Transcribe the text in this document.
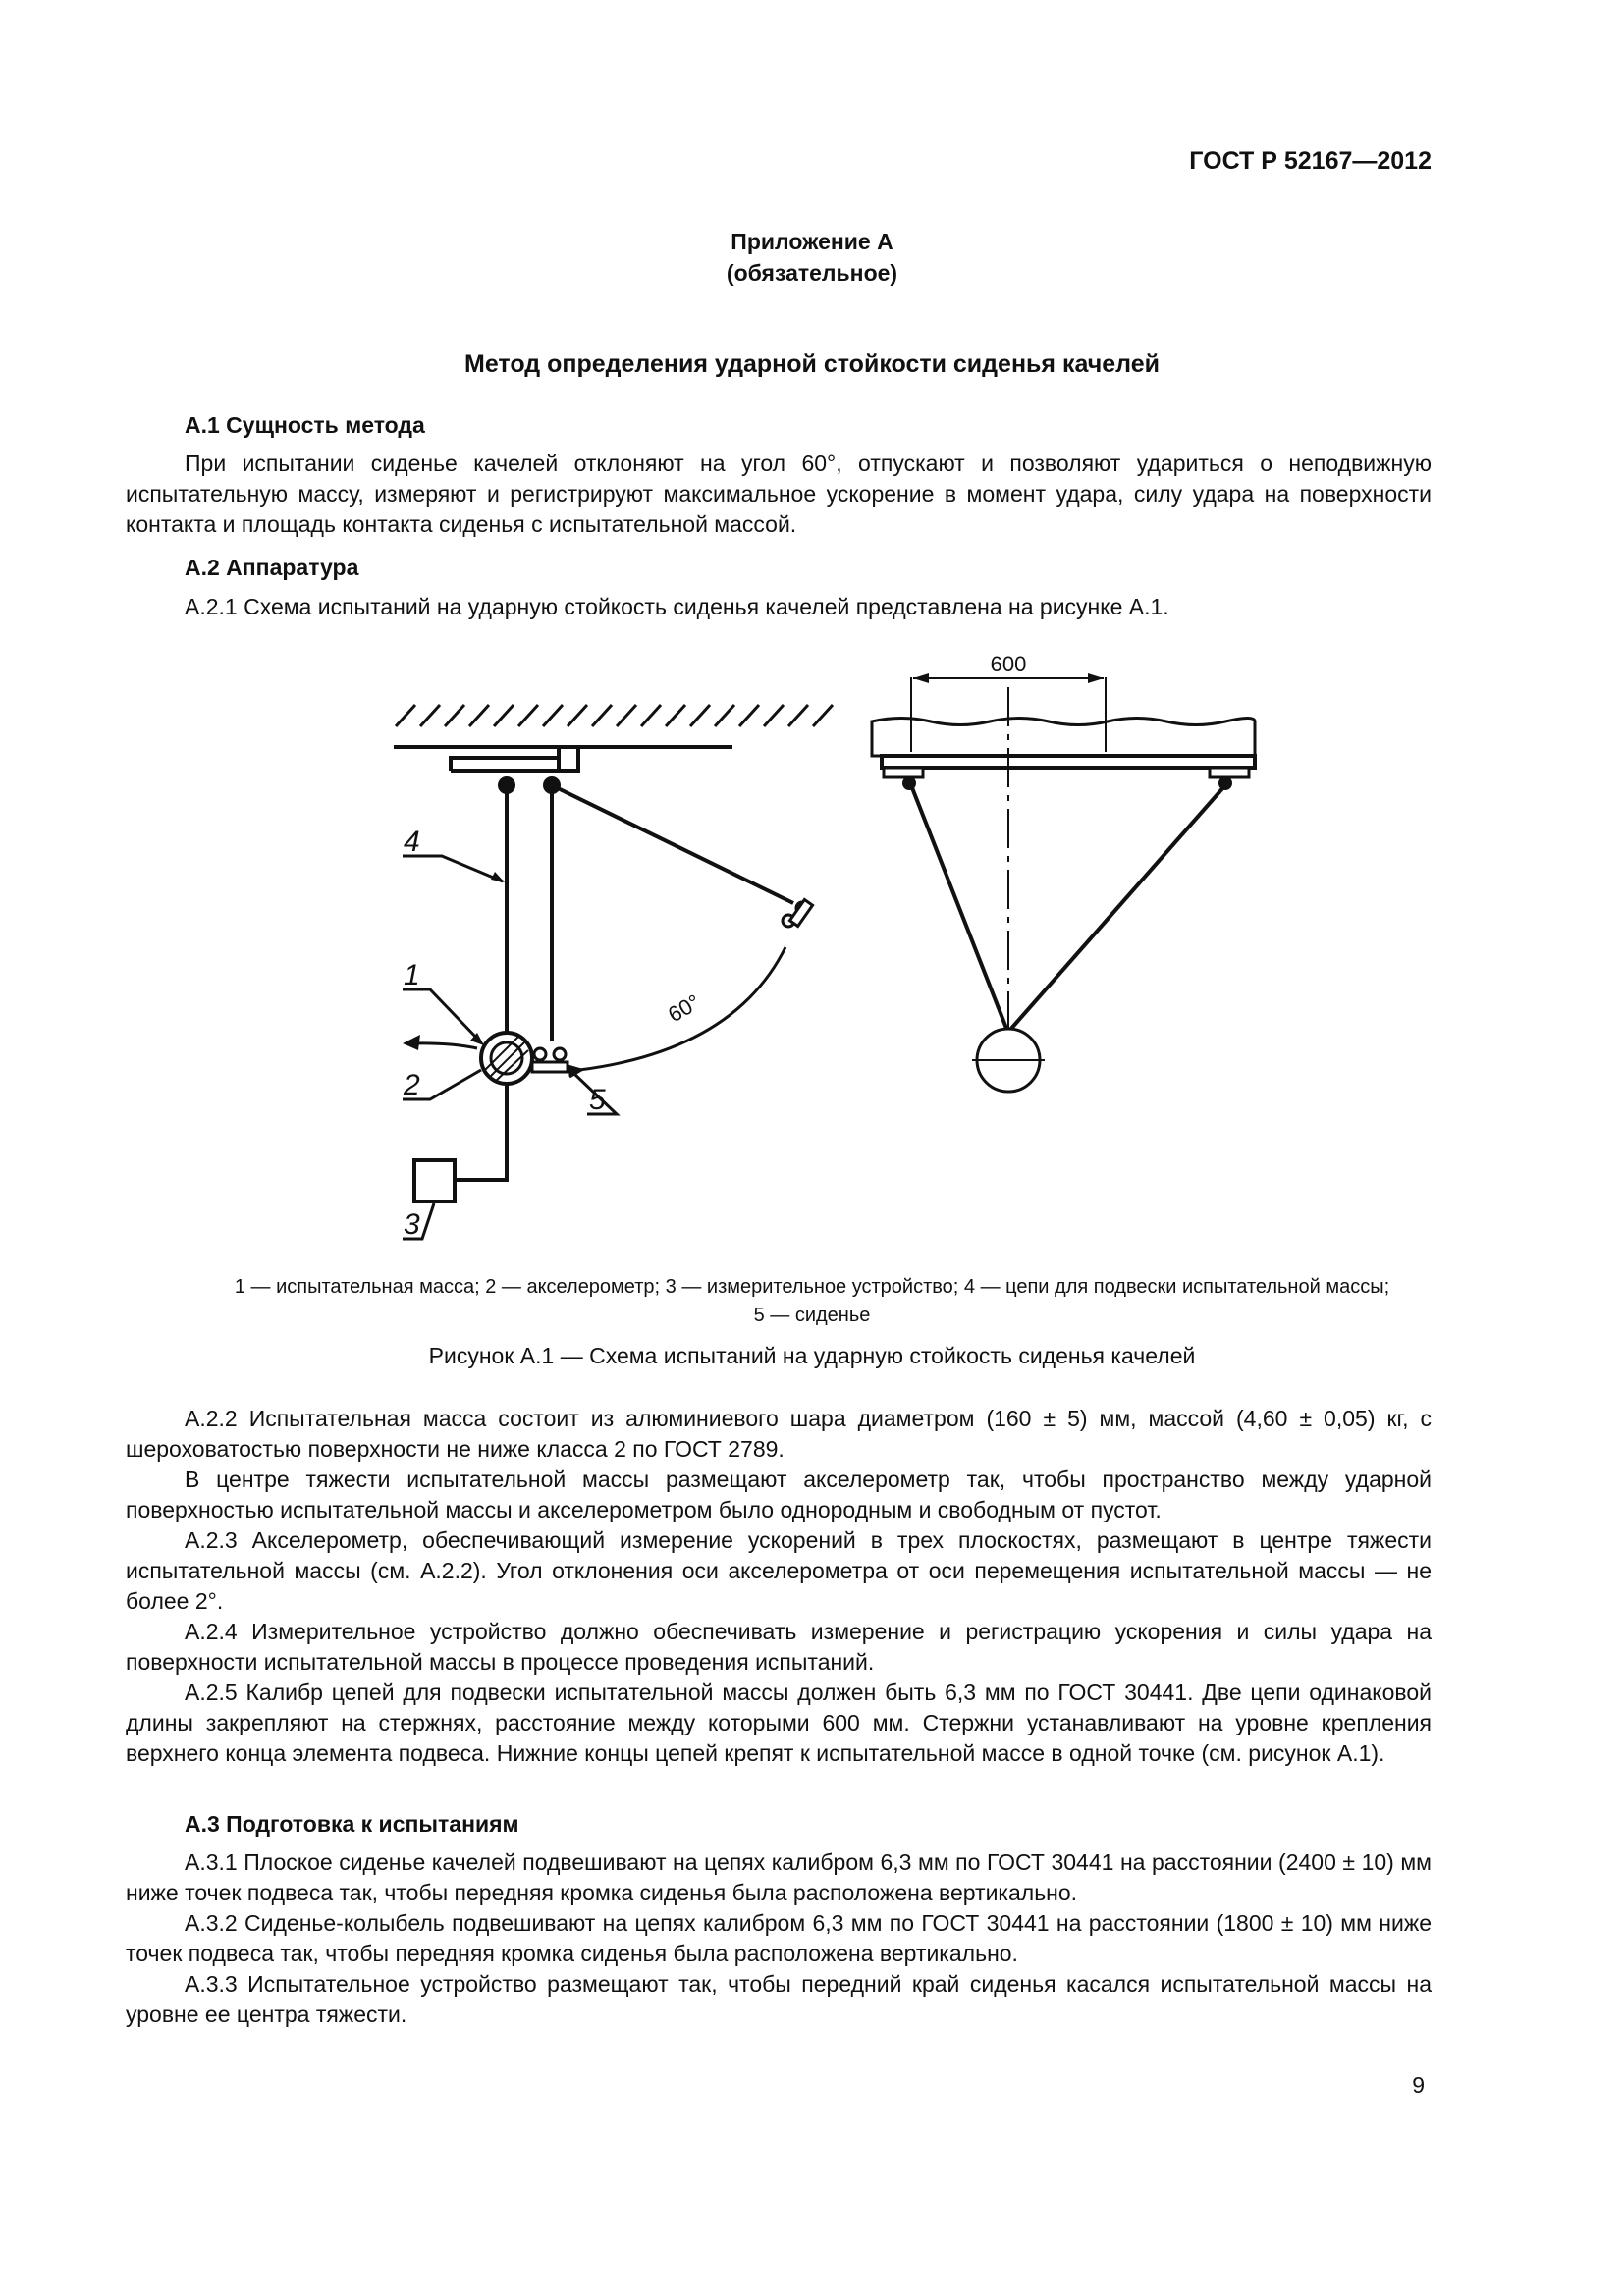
ГОСТ Р 52167—2012
Приложение А
(обязательное)
Метод определения ударной стойкости сиденья качелей
А.1 Сущность метода

При испытании сиденье качелей отклоняют на угол 60°, отпускают и позволяют удариться о неподвижную испытательную массу, измеряют и регистрируют максимальное ускорение в момент удара, силу удара на поверхности контакта и площадь контакта сиденья с испытательной массой.

А.2 Аппаратура

А.2.1 Схема испытаний на ударную стойкость сиденья качелей представлена на рисунке А.1.

600
60°
4
1
2
3
5
1 — испытательная масса; 2 — акселерометр; 3 — измерительное устройство; 4 — цепи для подвески испытательной массы;
5 — сиденье
Рисунок А.1 — Схема испытаний на ударную стойкость сиденья качелей

А.2.2 Испытательная масса состоит из алюминиевого шара диаметром (160 ± 5) мм, массой (4,60 ± 0,05) кг, с шероховатостью поверхности не ниже класса 2 по ГОСТ 2789.

В центре тяжести испытательной массы размещают акселерометр так, чтобы пространство между ударной поверхностью испытательной массы и акселерометром было однородным и свободным от пустот.

А.2.3 Акселерометр, обеспечивающий измерение ускорений в трех плоскостях, размещают в центре тяжести испытательной массы (см. А.2.2). Угол отклонения оси акселерометра от оси перемещения испытательной массы — не более 2°.

А.2.4 Измерительное устройство должно обеспечивать измерение и регистрацию ускорения и силы удара на поверхности испытательной массы в процессе проведения испытаний.

А.2.5 Калибр цепей для подвески испытательной массы должен быть 6,3 мм по ГОСТ 30441. Две цепи одинаковой длины закрепляют на стержнях, расстояние между которыми 600 мм. Стержни устанавливают на уровне крепления верхнего конца элемента подвеса. Нижние концы цепей крепят к испытательной массе в одной точке (см. рисунок А.1).

А.3 Подготовка к испытаниям

А.3.1 Плоское сиденье качелей подвешивают на цепях калибром 6,3 мм по ГОСТ 30441 на расстоянии (2400 ± 10) мм ниже точек подвеса так, чтобы передняя кромка сиденья была расположена вертикально.

А.3.2 Сиденье-колыбель подвешивают на цепях калибром 6,3 мм по ГОСТ 30441 на расстоянии (1800 ± 10) мм ниже точек подвеса так, чтобы передняя кромка сиденья была расположена вертикально.

А.3.3 Испытательное устройство размещают так, чтобы передний край сиденья касался испытательной массы на уровне ее центра тяжести.

9
